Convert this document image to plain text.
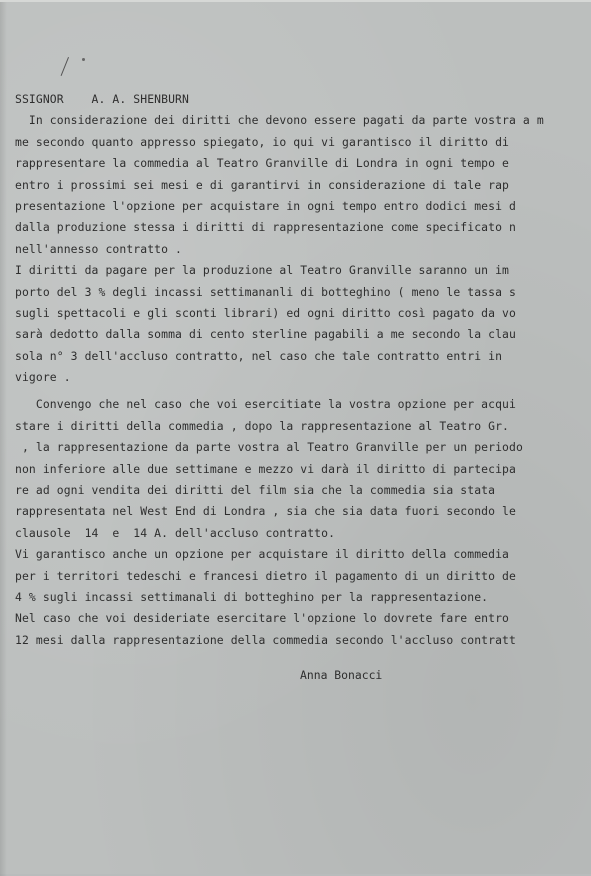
SSIGNOR    A. A. SHENBURN
In considerazione dei diritti che devono essere pagati da parte vostra a m
me secondo quanto appresso spiegato, io qui vi garantisco il diritto di
rappresentare la commedia al Teatro Granville di Londra in ogni tempo e
entro i prossimi sei mesi e di garantirvi in considerazione di tale rap
presentazione l'opzione per acquistare in ogni tempo entro dodici mesi d
dalla produzione stessa i diritti di rappresentazione come specificato n
nell'annesso contratto .
I diritti da pagare per la produzione al Teatro Granville saranno un im
porto del 3 % degli incassi settimananli di botteghino ( meno le tassa s
sugli spettacoli e gli sconti librari) ed ogni diritto così pagato da vo
sarà dedotto dalla somma di cento sterline pagabili a me secondo la clau
sola n° 3 dell'accluso contratto, nel caso che tale contratto entri in
vigore .
Convengo che nel caso che voi esercitiate la vostra opzione per acqui
stare i diritti della commedia , dopo la rappresentazione al Teatro Gr.
, la rappresentazione da parte vostra al Teatro Granville per un periodo
non inferiore alle due settimane e mezzo vi darà il diritto di partecipa
re ad ogni vendita dei diritti del film sia che la commedia sia stata
rappresentata nel West End di Londra , sia che sia data fuori secondo le
clausole  14  e  14 A. dell'accluso contratto.
Vi garantisco anche un opzione per acquistare il diritto della commedia
per i territori tedeschi e francesi dietro il pagamento di un diritto de
4 % sugli incassi settimanali di botteghino per la rappresentazione.
Nel caso che voi desideriate esercitare l'opzione lo dovrete fare entro
12 mesi dalla rappresentazione della commedia secondo l'accluso contratt
Anna Bonacci
